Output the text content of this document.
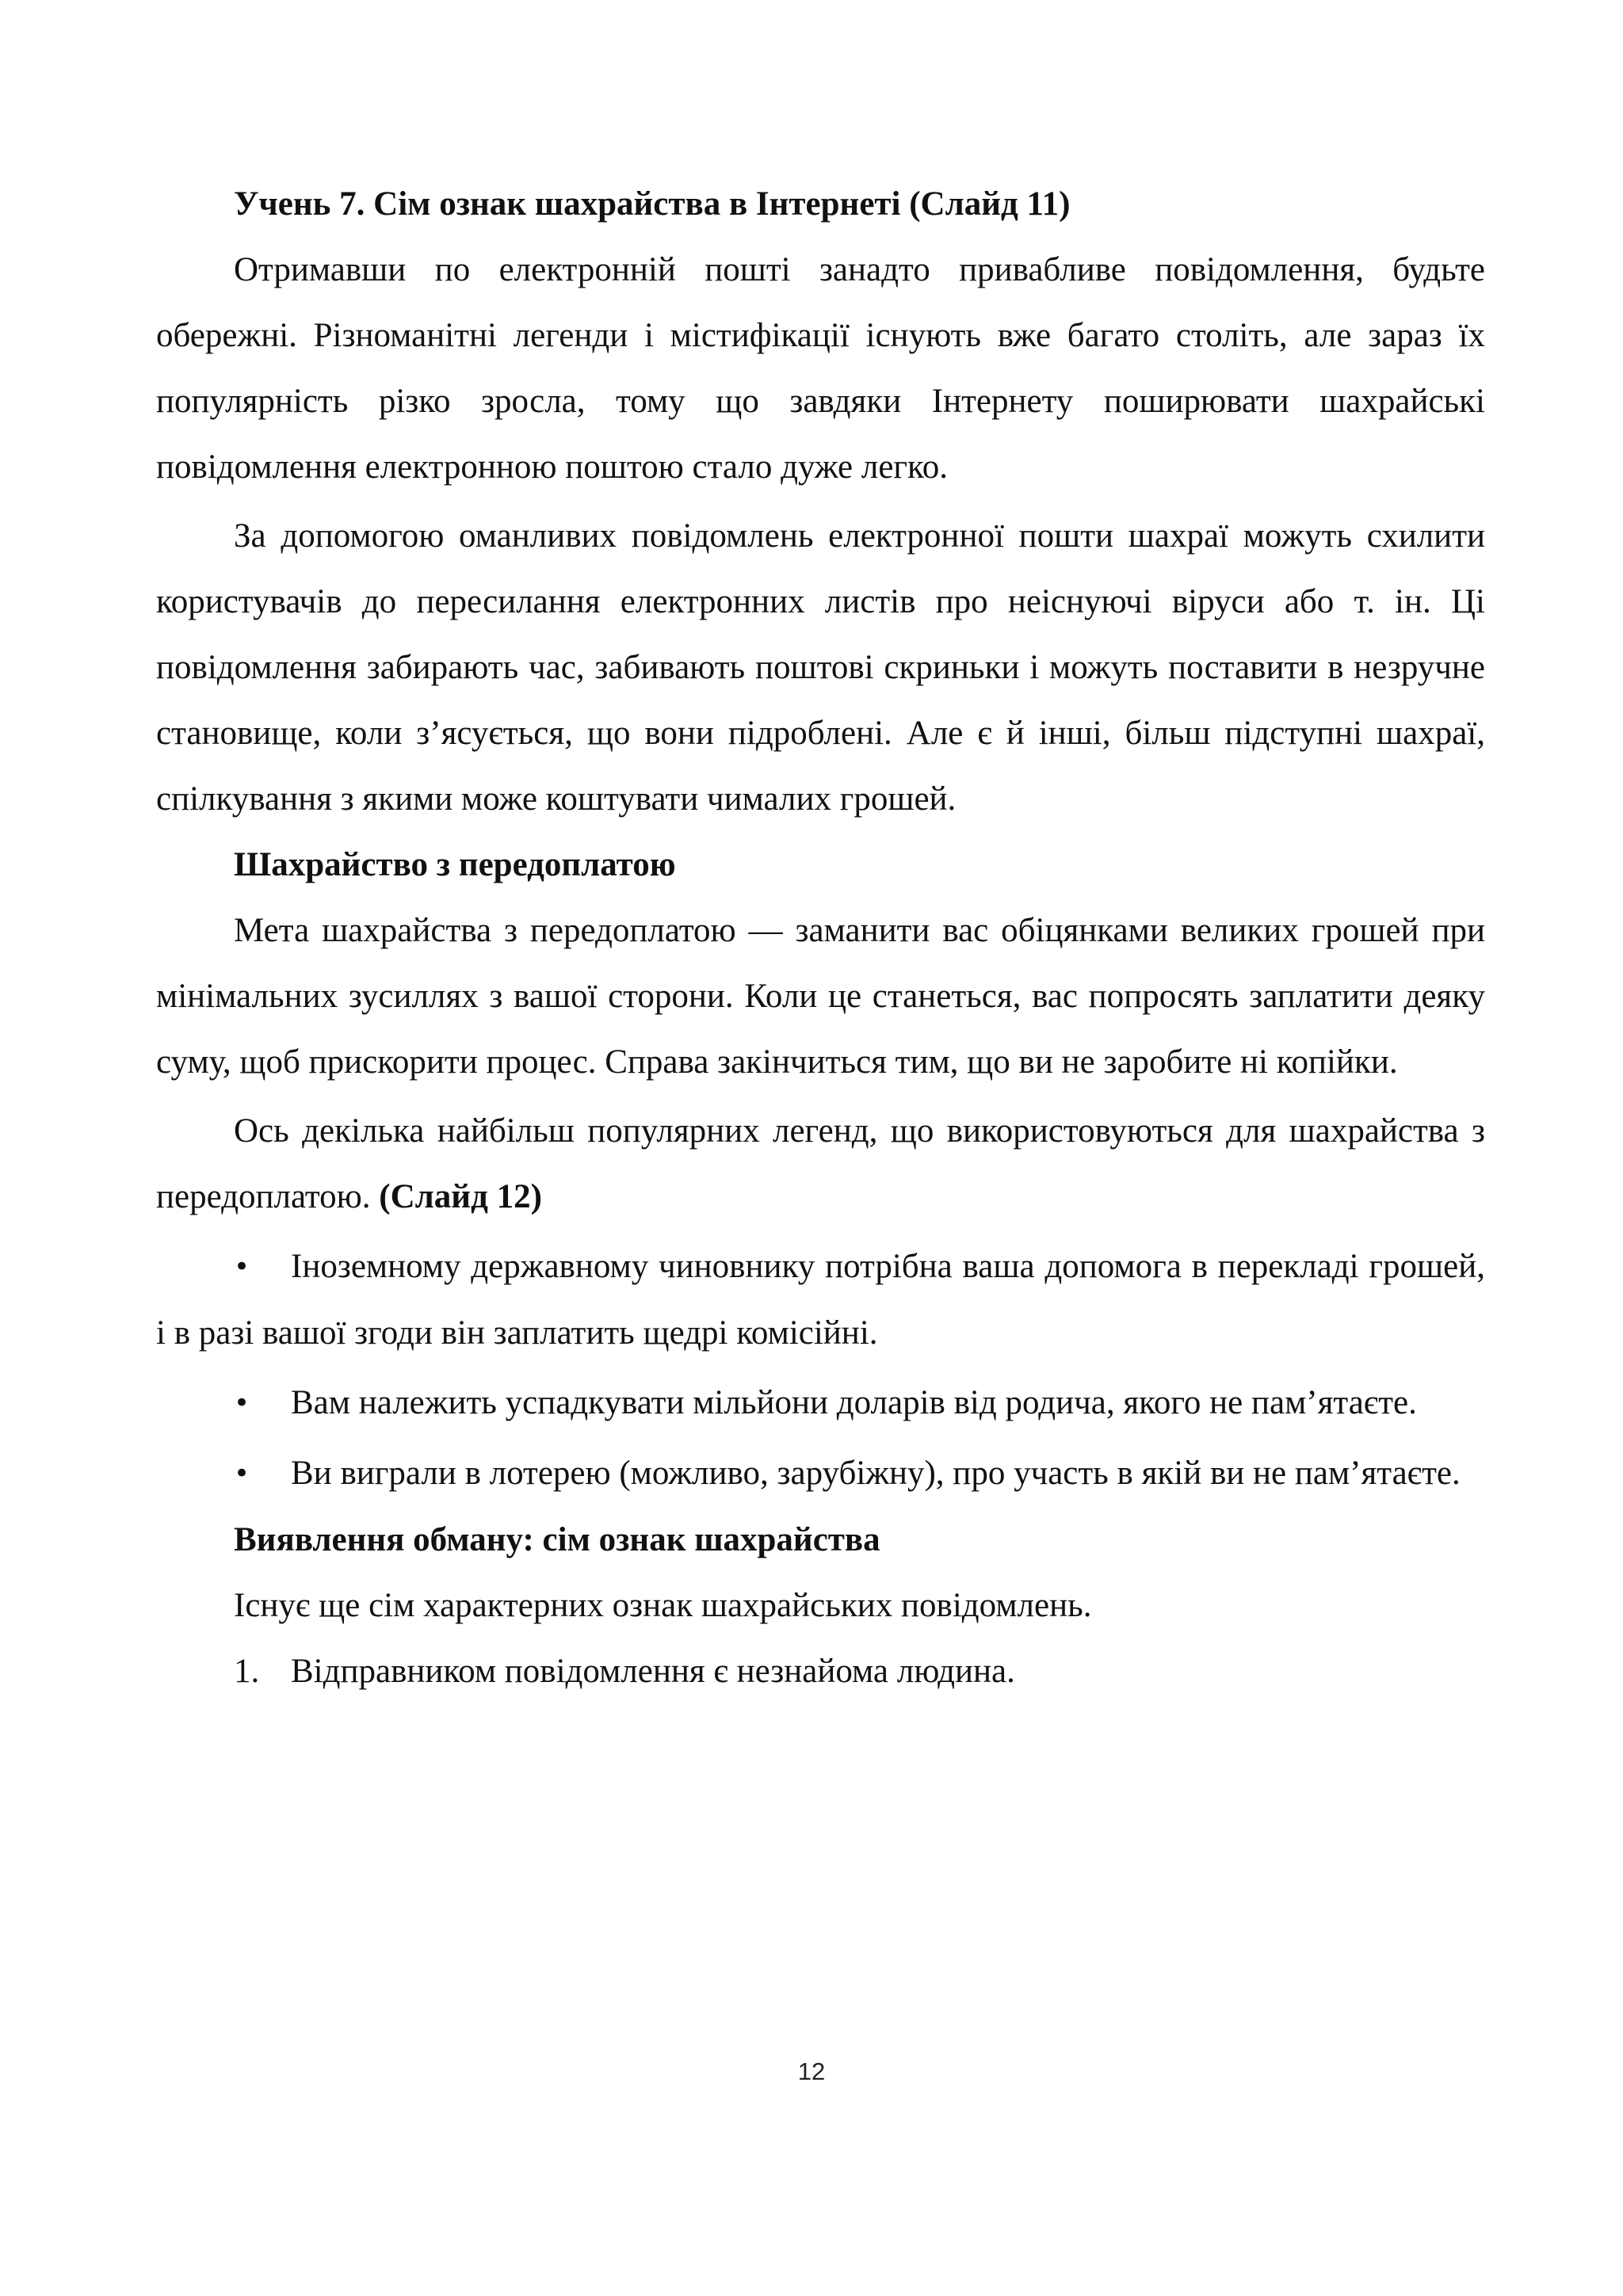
Учень 7. Сім ознак шахрайства в Інтернеті (Слайд 11)

Отримавши по електронній пошті занадто привабливе повідомлення, будьте обережні. Різноманітні легенди і містифікації існують вже багато століть, але зараз їх популярність різко зросла, тому що завдяки Інтернету поширювати шахрайські повідомлення електронною поштою стало дуже легко.

За допомогою оманливих повідомлень електронної пошти шахраї можуть схилити користувачів до пересилання електронних листів про неіснуючі віруси або т. ін. Ці повідомлення забирають час, забивають поштові скриньки і можуть поставити в незручне становище, коли з’ясується, що вони підроблені. Але є й інші, більш підступні шахраї, спілкування з якими може коштувати чималих грошей.

Шахрайство з передоплатою

Мета шахрайства з передоплатою — заманити вас обіцянками великих грошей при мінімальних зусиллях з вашої сторони. Коли це станеться, вас попросять заплатити деяку суму, щоб прискорити процес. Справа закінчиться тим, що ви не заробите ні копійки.

Ось декілька найбільш популярних легенд, що використовуються для шахрайства з передоплатою. (Слайд 12)

• Іноземному державному чиновнику потрібна ваша допомога в перекладі грошей, і в разі вашої згоди він заплатить щедрі комісійні.

• Вам належить успадкувати мільйони доларів від родича, якого не пам’ятаєте.

• Ви виграли в лотерею (можливо, зарубіжну), про участь в якій ви не пам’ятаєте.

Виявлення обману: сім ознак шахрайства

Існує ще сім характерних ознак шахрайських повідомлень.

1. Відправником повідомлення є незнайома людина.

12
